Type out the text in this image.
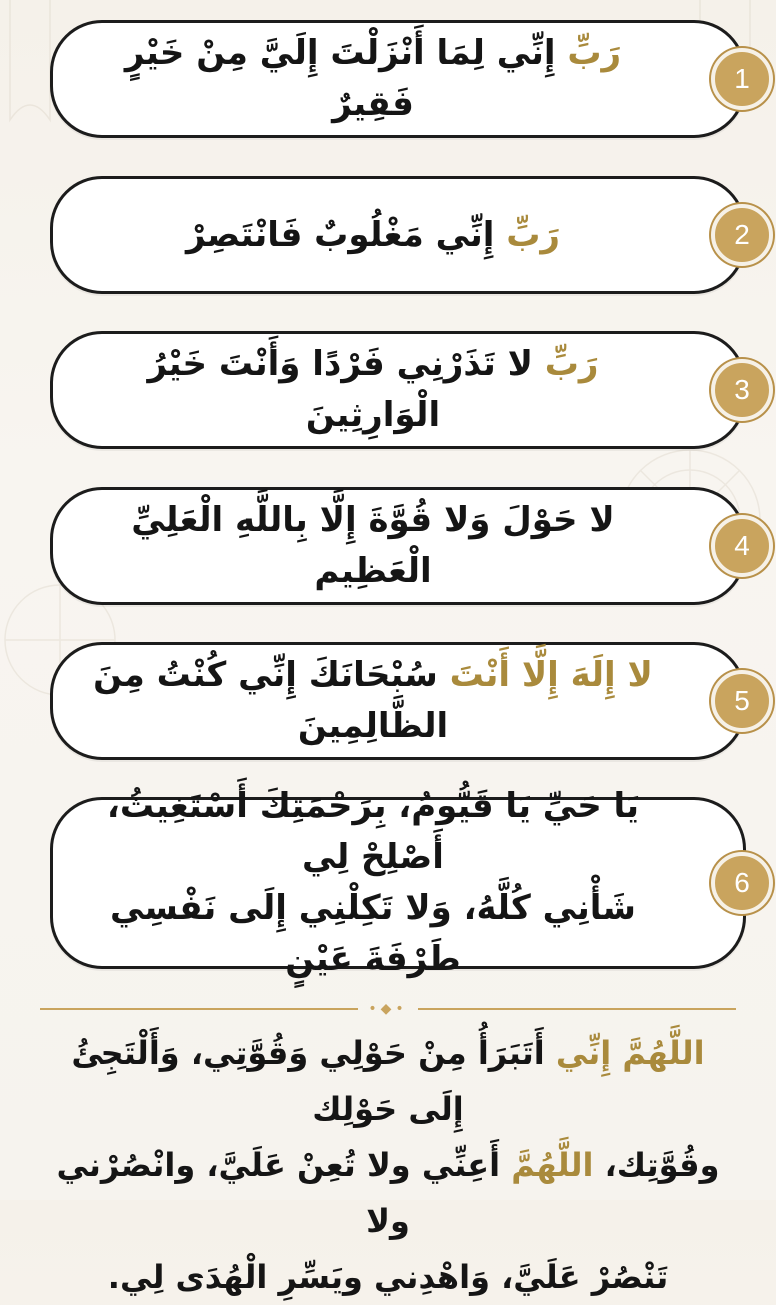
رَبِّ إِنِّي لِمَا أَنْزَلْتَ إِلَيَّ مِنْ خَيْرٍ فَقِيرٌ
1
رَبِّ إِنِّي مَغْلُوبٌ فَانْتَصِرْ	2
رَبِّ لا تَذَرْنِي فَرْدًا وَأَنْتَ خَيْرُ الْوَارِثِينَ
3
لا حَوْلَ وَلا قُوَّةَ إِلَّا بِاللَّهِ الْعَلِيِّ الْعَظِيم
4
لا إِلَهَ إِلَّا أَنْتَ سُبْحَانَكَ إِنِّي كُنْتُ مِنَ الظَّالِمِينَ
5
يَا حَيِّ يَا قَيُّومُ، بِرَحْمَتِكَ أَسْتَغِيثُ، أَصْلِحْ لِي
شَأْنِي كُلَّهُ، وَلا تَكِلْنِي إِلَى نَفْسِي طَرْفَةَ عَيْنٍ
6
•◆•
اللَّهُمَّ إِنِّي أَتَبَرَأُ مِنْ حَوْلِي وَقُوَّتِي، وَأَلْتَجِئُ إِلَى حَوْلِك
وقُوَّتِك، اللَّهُمَّ أَعِنِّي ولا تُعِنْ عَلَيَّ، وانْصُرْني ولا
تَنْصُرْ عَلَيَّ، وَاهْدِني ويَسِّرِ الْهُدَى لِي.
